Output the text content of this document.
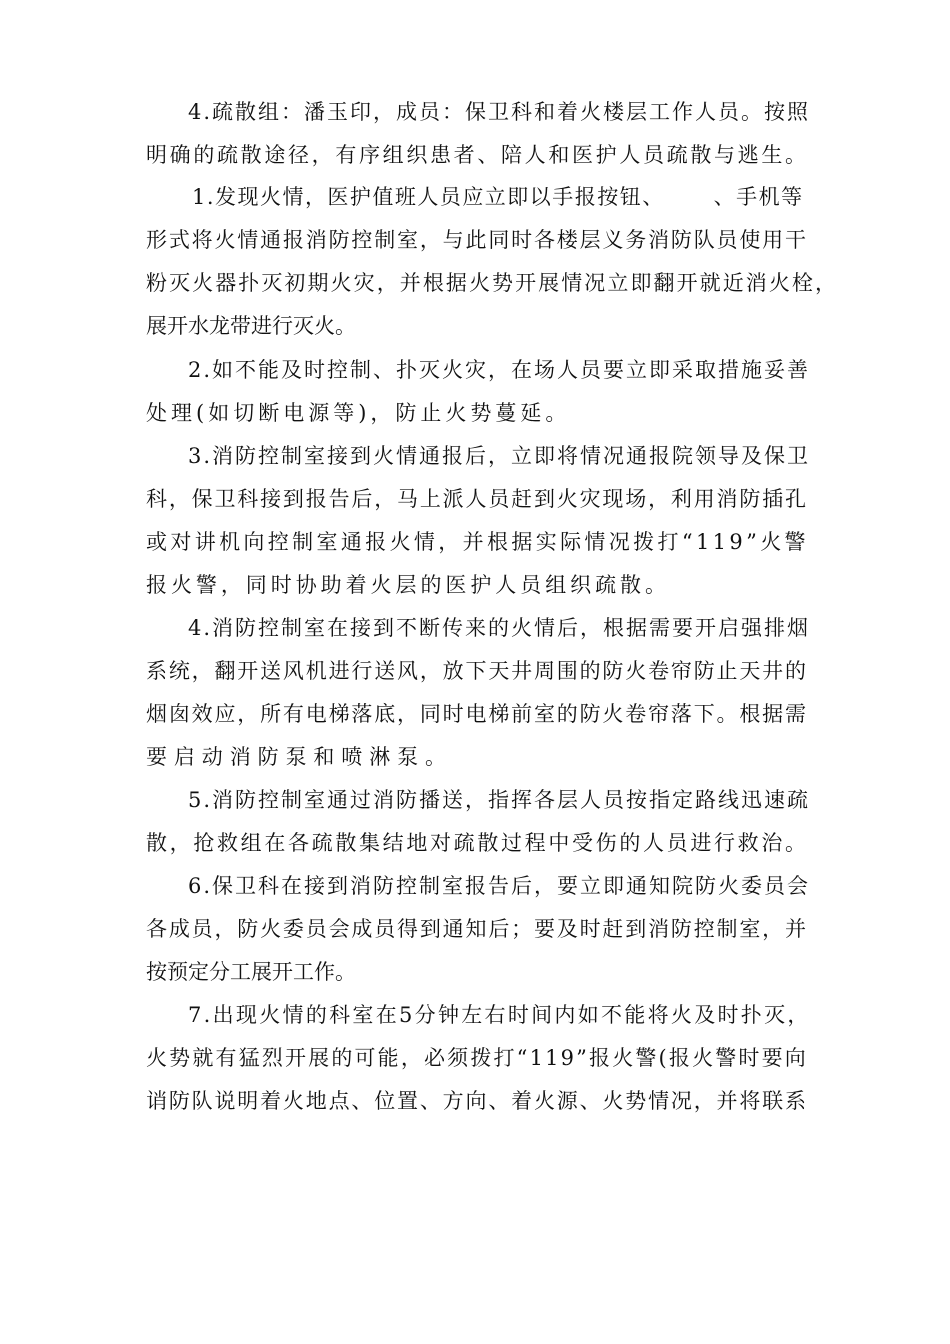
4.疏散组：潘玉印，成员：保卫科和着火楼层工作人员。按照
明确的疏散途径，有序组织患者、陪人和医护人员疏散与逃生。
1.发现火情，医护值班人员应立即以手报按钮、      、手机等
形式将火情通报消防控制室，与此同时各楼层义务消防队员使用干
粉灭火器扑灭初期火灾，并根据火势开展情况立即翻开就近消火栓，
展开水龙带进行灭火。
2.如不能及时控制、扑灭火灾，在场人员要立即采取措施妥善
处理(如切断电源等)，防止火势蔓延。
3.消防控制室接到火情通报后，立即将情况通报院领导及保卫
科，保卫科接到报告后，马上派人员赶到火灾现场，利用消防插孔
或对讲机向控制室通报火情，并根据实际情况拨打“119”火警
报火警，同时协助着火层的医护人员组织疏散。
4.消防控制室在接到不断传来的火情后，根据需要开启强排烟
系统，翻开送风机进行送风，放下天井周围的防火卷帘防止天井的
烟囱效应，所有电梯落底，同时电梯前室的防火卷帘落下。根据需
要启动消防泵和喷淋泵。
5.消防控制室通过消防播送，指挥各层人员按指定路线迅速疏
散，抢救组在各疏散集结地对疏散过程中受伤的人员进行救治。
6.保卫科在接到消防控制室报告后，要立即通知院防火委员会
各成员，防火委员会成员得到通知后；要及时赶到消防控制室，并
按预定分工展开工作。
7.出现火情的科室在5分钟左右时间内如不能将火及时扑灭，
火势就有猛烈开展的可能，必须拨打“119”报火警(报火警时要向
诮防队说明着火地点、位置、方向、着火源、火势情况，并将联系
